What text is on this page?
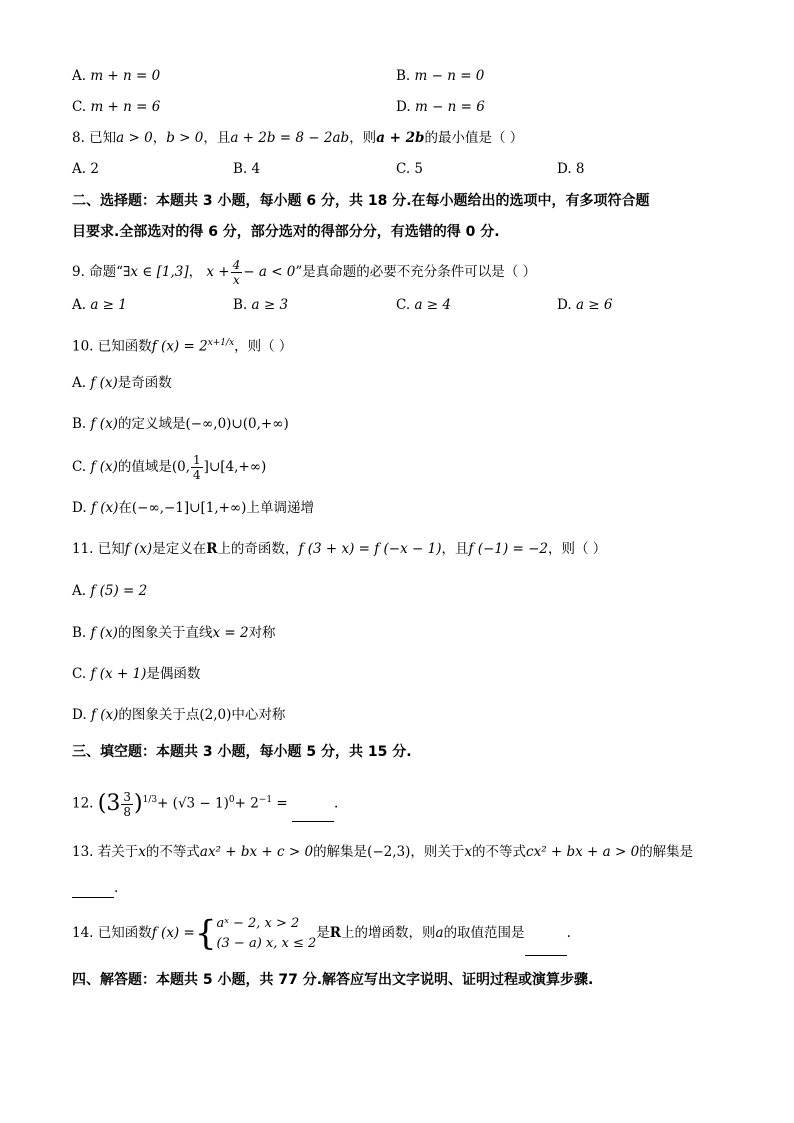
A. m + n = 0	B. m − n = 0
C. m + n = 6	D. m − n = 6
8. 已知a > 0，b > 0，且a + 2b = 8 − 2ab，则a + 2b的最小值是（ ）
A. 2	B. 4	C. 5	D. 8
二、选择题：本题共 3 小题，每小题 6 分，共 18 分.在每小题给出的选项中，有多项符合题
目要求.全部选对的得 6 分，部分选对的得部分分，有选错的得 0 分.
9. 命题“∃x ∈ [1,3]， $x + \frac{4}{x} - a < 0$”是真命题的必要不充分条件可以是（ ）
A. a ≥ 1	B. a ≥ 3	C. a ≥ 4	D. a ≥ 6
10. 已知函数f $(x) = 2^{x+1/x}$，则（ ）
A. f (x)是奇函数
B. f (x)的定义域是(−∞,0)∪(0,+∞)
C. f (x)的值域是(0, $\frac{1}{4}$ ]∪[4,+∞)
D. f (x)在(−∞,−1]∪[1,+∞)上单调递增
11. 已知f (x)是定义在R上的奇函数，f (3 + x) = f (−x − 1)，且f (−1) = −2，则（ ）
A. f (5) = 2
B. f (x)的图象关于直线x = 2对称
C. f (x + 1)是偶函数
D. f (x)的图象关于点(2,0)中心对称
三、填空题：本题共 3 小题，每小题 5 分，共 15 分.
12. $(3 \frac{3}{8} )^{1/3}+ (√3 - 1)^0+ 2^{-1}$ =	.
13. 若关于x的不等式ax² + bx + c > 0的解集是(−2,3)，则关于x的不等式cx² + bx + a > 0的解集是
.
14. 已知函数f (x) ={ aˣ − 2, x > 2
(3 − a) x, x ≤ 2
是R上的增函数，则a的取值范围是	.
四、解答题：本题共 5 小题，共 77 分.解答应写出文字说明、证明过程或演算步骤.
